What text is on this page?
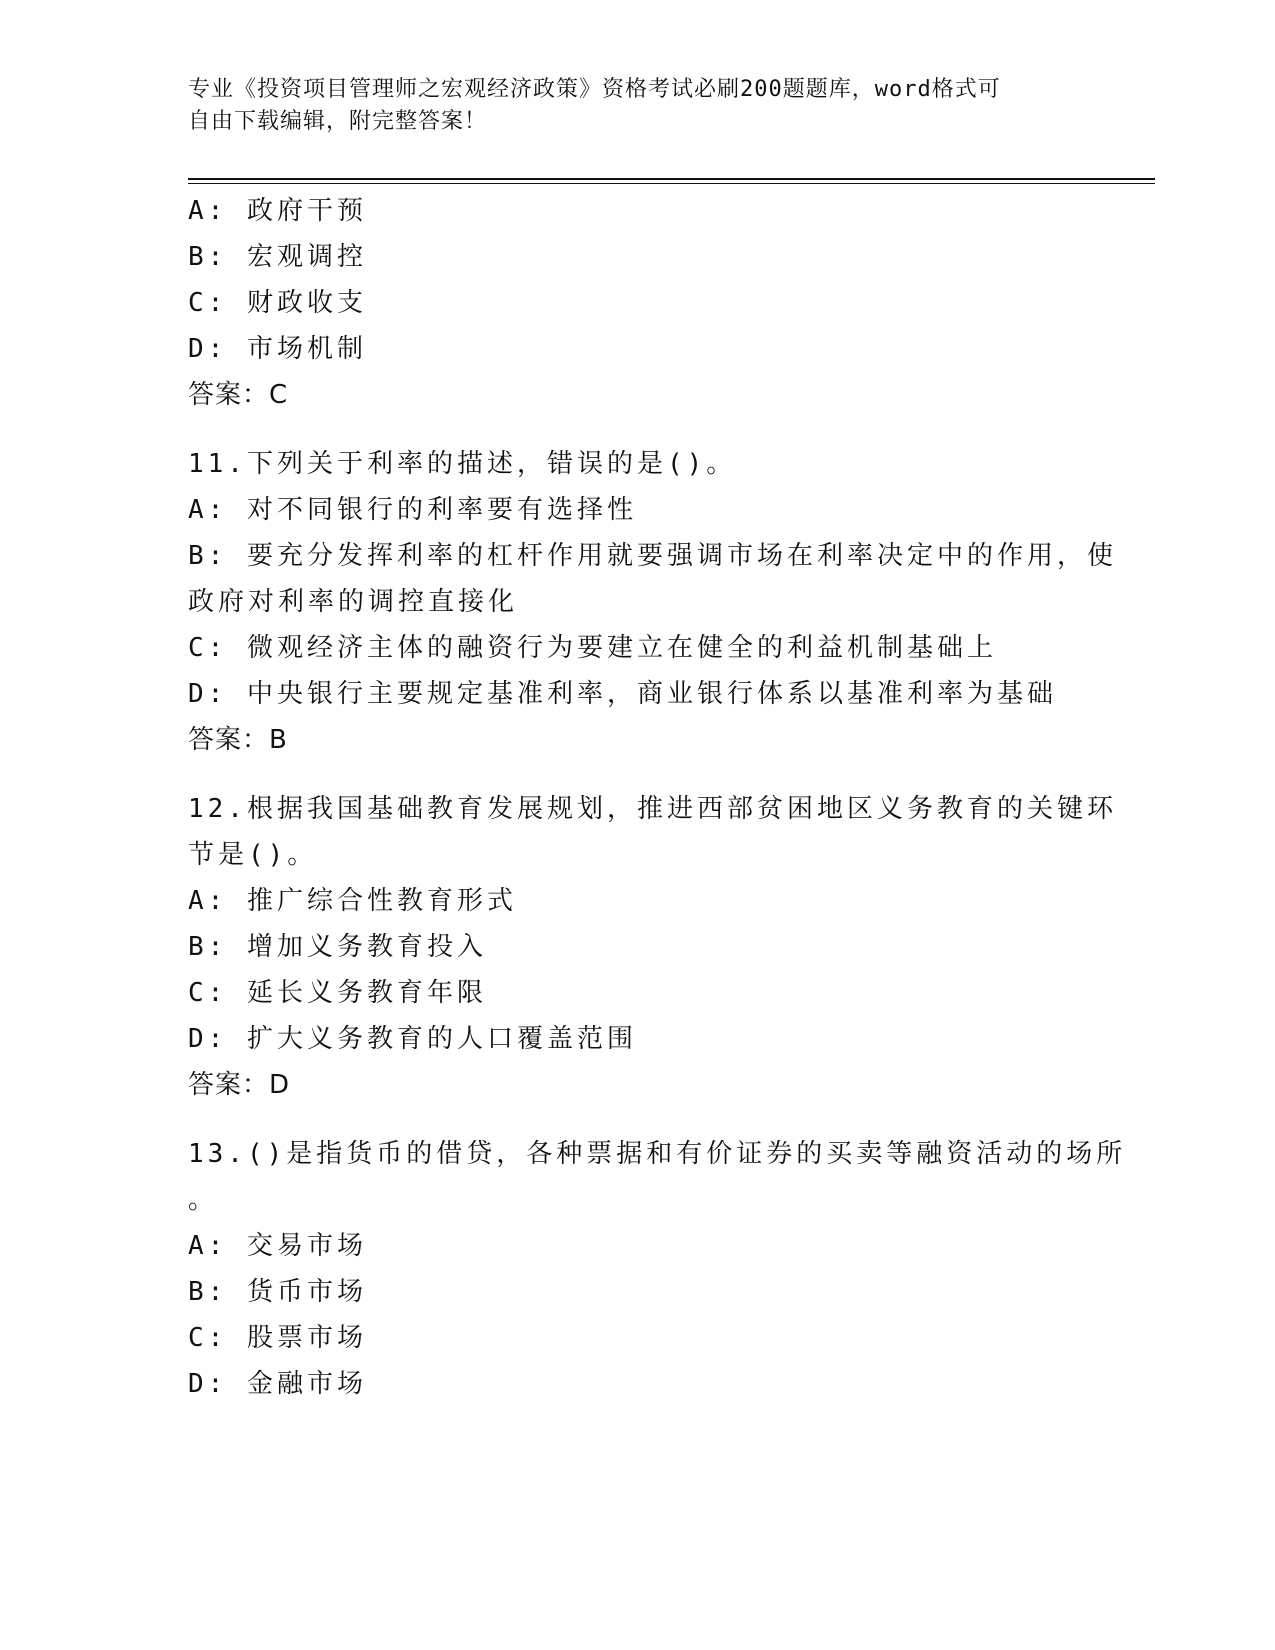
专业《投资项目管理师之宏观经济政策》资格考试必刷200题题库，word格式可
自由下载编辑，附完整答案！
A: 政府干预
B: 宏观调控
C: 财政收支
D: 市场机制
答案：C
11.下列关于利率的描述，错误的是()。
A: 对不同银行的利率要有选择性
B: 要充分发挥利率的杠杆作用就要强调市场在利率决定中的作用，使
政府对利率的调控直接化
C: 微观经济主体的融资行为要建立在健全的利益机制基础上
D: 中央银行主要规定基准利率，商业银行体系以基准利率为基础
答案：B
12.根据我国基础教育发展规划，推进西部贫困地区义务教育的关键环
节是()。
A: 推广综合性教育形式
B: 增加义务教育投入
C: 延长义务教育年限
D: 扩大义务教育的人口覆盖范围
答案：D
13.()是指货币的借贷，各种票据和有价证券的买卖等融资活动的场所
。
A: 交易市场
B: 货币市场
C: 股票市场
D: 金融市场
